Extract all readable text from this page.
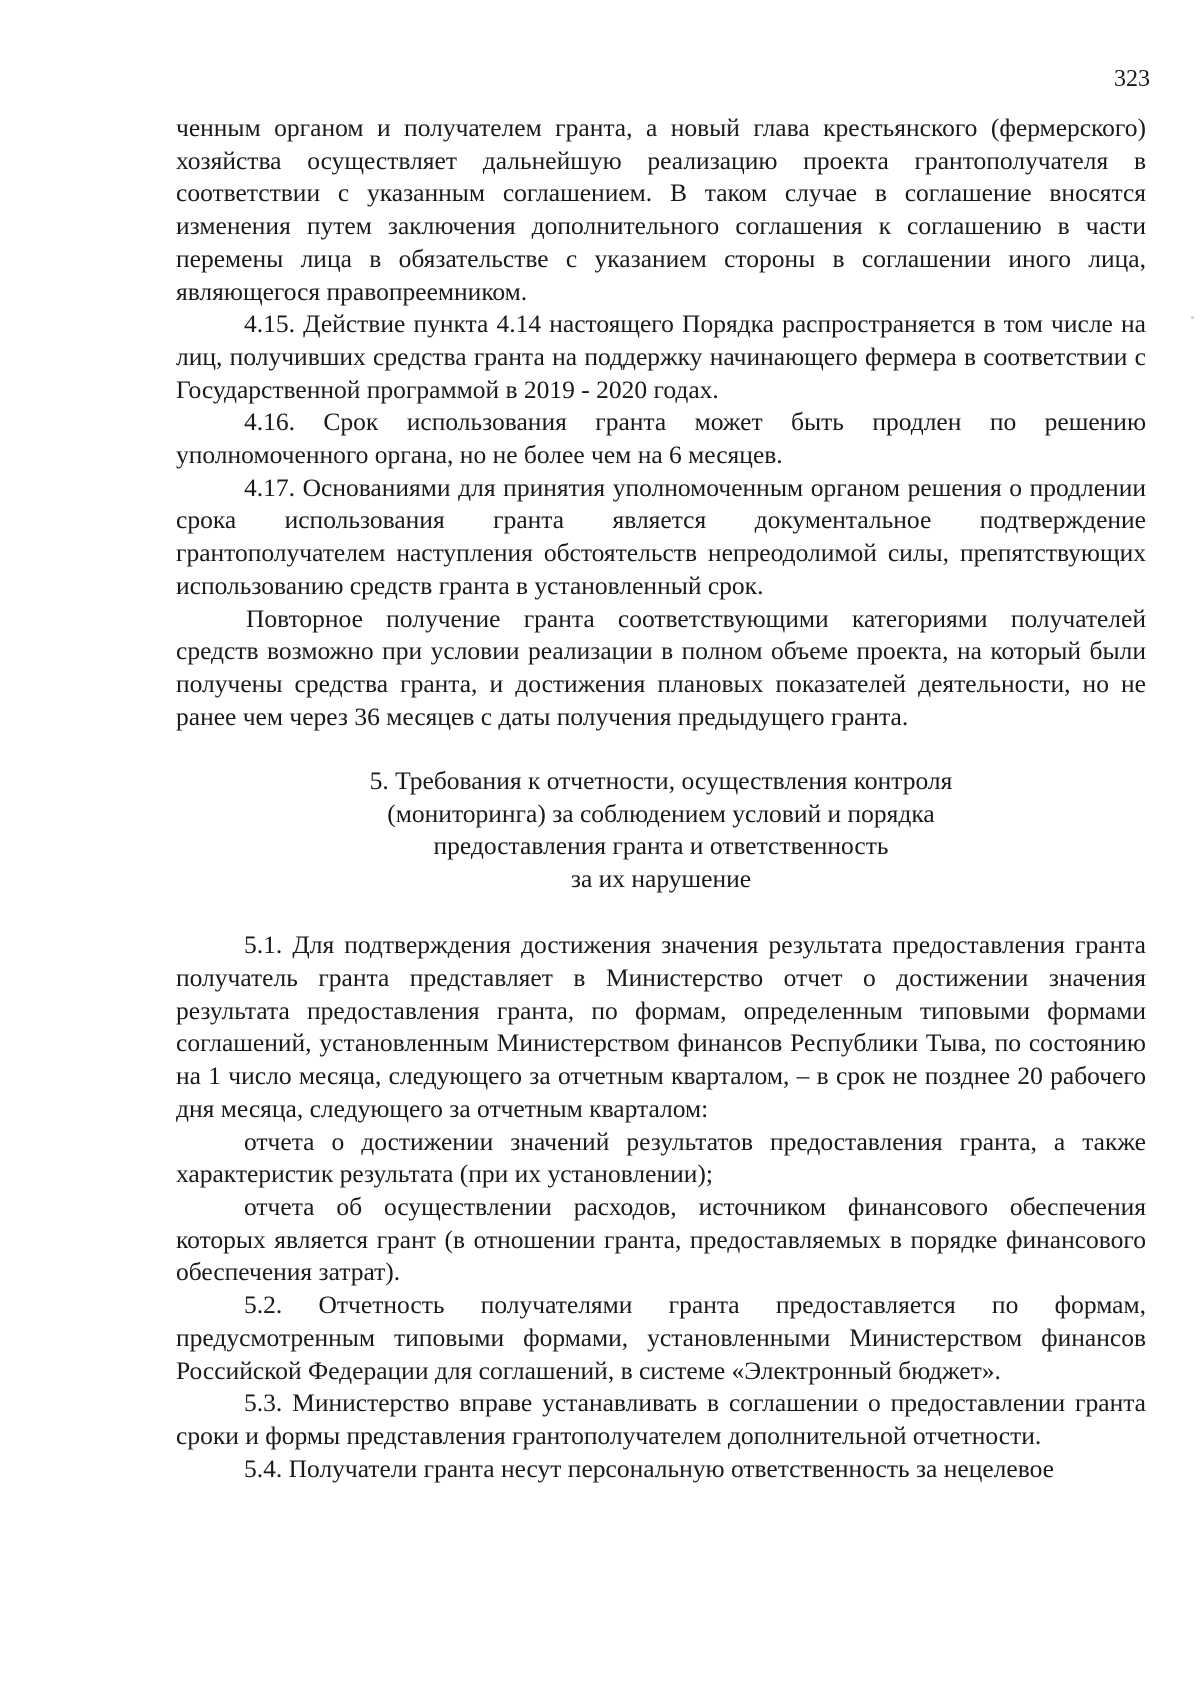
323

ченным органом и получателем гранта, а новый глава крестьянского (фермерского) хозяйства осуществляет дальнейшую реализацию проекта грантополучателя в соответствии с указанным соглашением. В таком случае в соглашение вносятся изменения путем заключения дополнительного соглашения к соглашению в части перемены лица в обязательстве с указанием стороны в соглашении иного лица, являющегося правопреемником.

4.15. Действие пункта 4.14 настоящего Порядка распространяется в том числе на лиц, получивших средства гранта на поддержку начинающего фермера в соответствии с Государственной программой в 2019 - 2020 годах.

4.16. Срок использования гранта может быть продлен по решению уполномоченного органа, но не более чем на 6 месяцев.

4.17. Основаниями для принятия уполномоченным органом решения о продлении срока использования гранта является документальное подтверждение грантополучателем наступления обстоятельств непреодолимой силы, препятствующих использованию средств гранта в установленный срок.

Повторное получение гранта соответствующими категориями получателей средств возможно при условии реализации в полном объеме проекта, на который были получены средства гранта, и достижения плановых показателей деятельности, но не ранее чем через 36 месяцев с даты получения предыдущего гранта.

5. Требования к отчетности, осуществления контроля
(мониторинга) за соблюдением условий и порядка
предоставления гранта и ответственность
за их нарушение

5.1. Для подтверждения достижения значения результата предоставления гранта получатель гранта представляет в Министерство отчет о достижении значения результата предоставления гранта, по формам, определенным типовыми формами соглашений, установленным Министерством финансов Республики Тыва, по состоянию на 1 число месяца, следующего за отчетным кварталом, – в срок не позднее 20 рабочего дня месяца, следующего за отчетным кварталом:

отчета о достижении значений результатов предоставления гранта, а также характеристик результата (при их установлении);

отчета об осуществлении расходов, источником финансового обеспечения которых является грант (в отношении гранта, предоставляемых в порядке финансового обеспечения затрат).

5.2. Отчетность получателями гранта предоставляется по формам, предусмотренным типовыми формами, установленными Министерством финансов Российской Федерации для соглашений, в системе «Электронный бюджет».

5.3. Министерство вправе устанавливать в соглашении о предоставлении гранта сроки и формы представления грантополучателем дополнительной отчетности.

5.4. Получатели гранта несут персональную ответственность за нецелевое
